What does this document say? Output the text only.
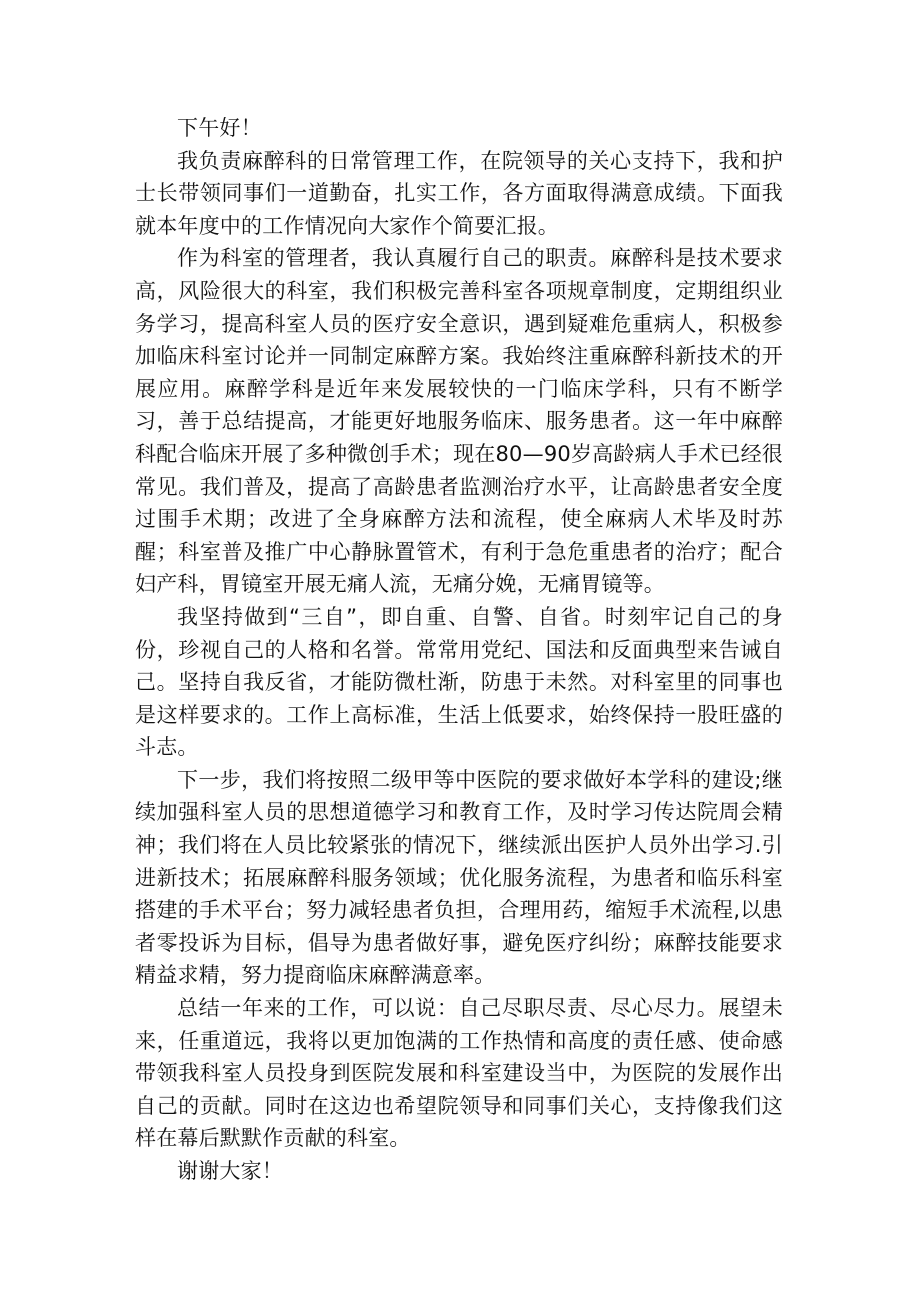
下午好！

我负责麻醉科的日常管理工作，在院领导的关心支持下，我和护士长带领同事们一道勤奋，扎实工作，各方面取得满意成绩。下面我就本年度中的工作情况向大家作个简要汇报。

作为科室的管理者，我认真履行自己的职责。麻醉科是技术要求高，风险很大的科室，我们积极完善科室各项规章制度，定期组织业务学习，提高科室人员的医疗安全意识，遇到疑难危重病人，积极参加临床科室讨论并一同制定麻醉方案。我始终注重麻醉科新技术的开展应用。麻醉学科是近年来发展较快的一门临床学科，只有不断学习，善于总结提高，才能更好地服务临床、服务患者。这一年中麻醉科配合临床开展了多种微创手术；现在80—90岁高龄病人手术已经很常见。我们普及，提高了高龄患者监测治疗水平，让高龄患者安全度过围手术期；改进了全身麻醉方法和流程，使全麻病人术毕及时苏醒；科室普及推广中心静脉置管术，有利于急危重患者的治疗；配合妇产科，胃镜室开展无痛人流，无痛分娩，无痛胃镜等。

我坚持做到“三自”，即自重、自警、自省。时刻牢记自己的身份，珍视自己的人格和名誉。常常用党纪、国法和反面典型来告诫自己。坚持自我反省，才能防微杜渐，防患于未然。对科室里的同事也是这样要求的。工作上高标准，生活上低要求，始终保持一股旺盛的斗志。

下一步，我们将按照二级甲等中医院的要求做好本学科的建设;继续加强科室人员的思想道德学习和教育工作，及时学习传达院周会精神；我们将在人员比较紧张的情况下，继续派出医护人员外出学习.引进新技术；拓展麻醉科服务领域；优化服务流程，为患者和临乐科室搭建的手术平台；努力减轻患者负担，合理用药，缩短手术流程,以患者零投诉为目标，倡导为患者做好事，避免医疗纠纷；麻醉技能要求精益求精，努力提商临床麻醉满意率。

总结一年来的工作，可以说：自己尽职尽责、尽心尽力。展望未来，任重道远，我将以更加饱满的工作热情和高度的责任感、使命感带领我科室人员投身到医院发展和科室建设当中，为医院的发展作出自己的贡献。同时在这边也希望院领导和同事们关心，支持像我们这样在幕后默默作贡献的科室。

谢谢大家！
